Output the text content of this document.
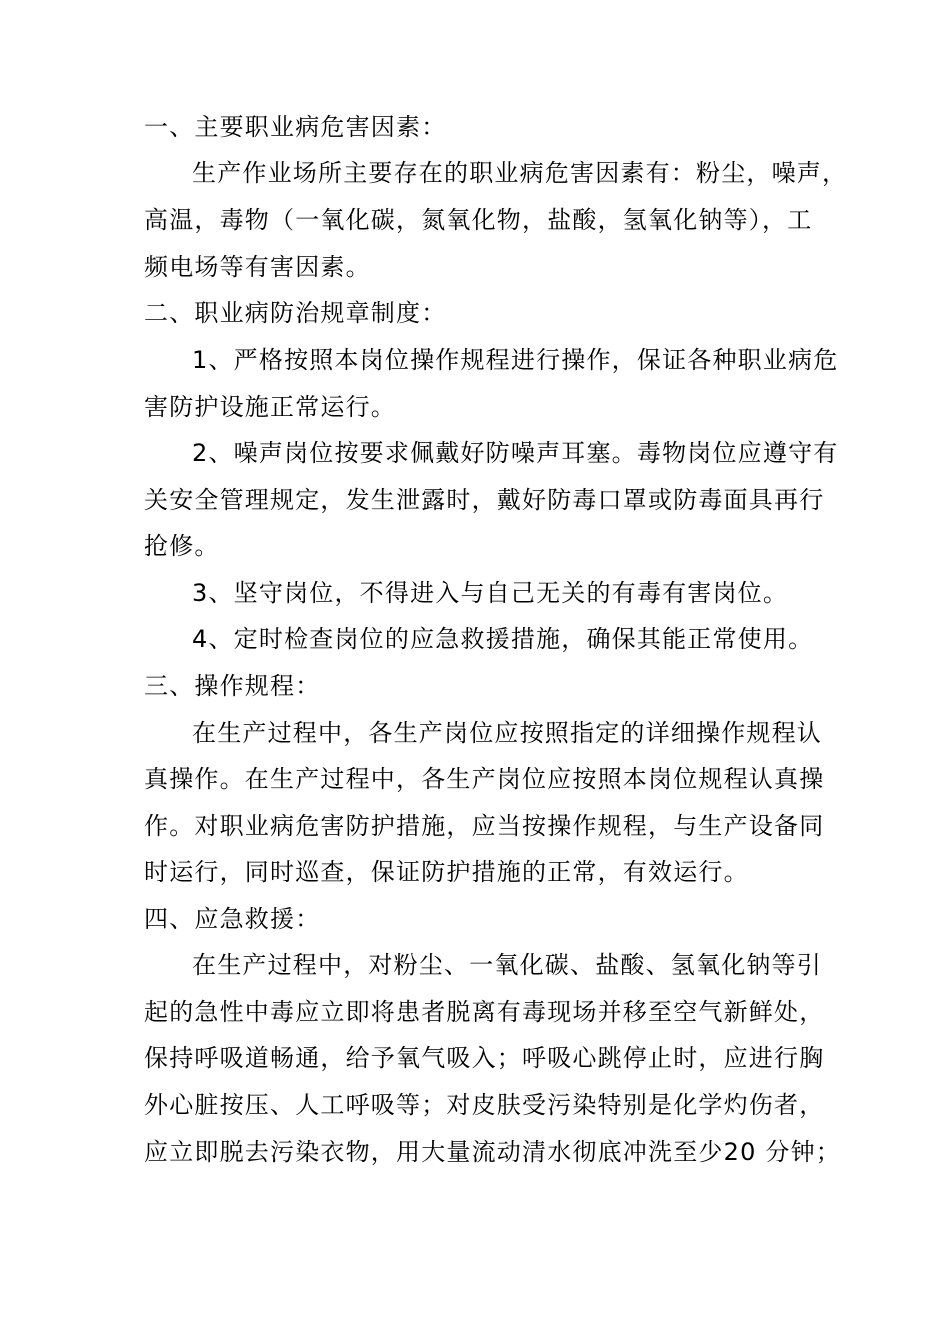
一、主要职业病危害因素：
生产作业场所主要存在的职业病危害因素有：粉尘，噪声，
高温，毒物（一氧化碳，氮氧化物，盐酸，氢氧化钠等），工
频电场等有害因素。
二、职业病防治规章制度：
1、严格按照本岗位操作规程进行操作，保证各种职业病危
害防护设施正常运行。
2、噪声岗位按要求佩戴好防噪声耳塞。毒物岗位应遵守有
关安全管理规定，发生泄露时，戴好防毒口罩或防毒面具再行
抢修。
3、坚守岗位，不得进入与自己无关的有毒有害岗位。
4、定时检查岗位的应急救援措施，确保其能正常使用。
三、操作规程：
在生产过程中，各生产岗位应按照指定的详细操作规程认
真操作。在生产过程中，各生产岗位应按照本岗位规程认真操
作。对职业病危害防护措施，应当按操作规程，与生产设备同
时运行，同时巡查，保证防护措施的正常，有效运行。
四、应急救援：
在生产过程中，对粉尘、一氧化碳、盐酸、氢氧化钠等引
起的急性中毒应立即将患者脱离有毒现场并移至空气新鲜处，
保持呼吸道畅通，给予氧气吸入；呼吸心跳停止时，应进行胸
外心脏按压、人工呼吸等；对皮肤受污染特别是化学灼伤者，
应立即脱去污染衣物，用大量流动清水彻底冲洗至少20 分钟；
